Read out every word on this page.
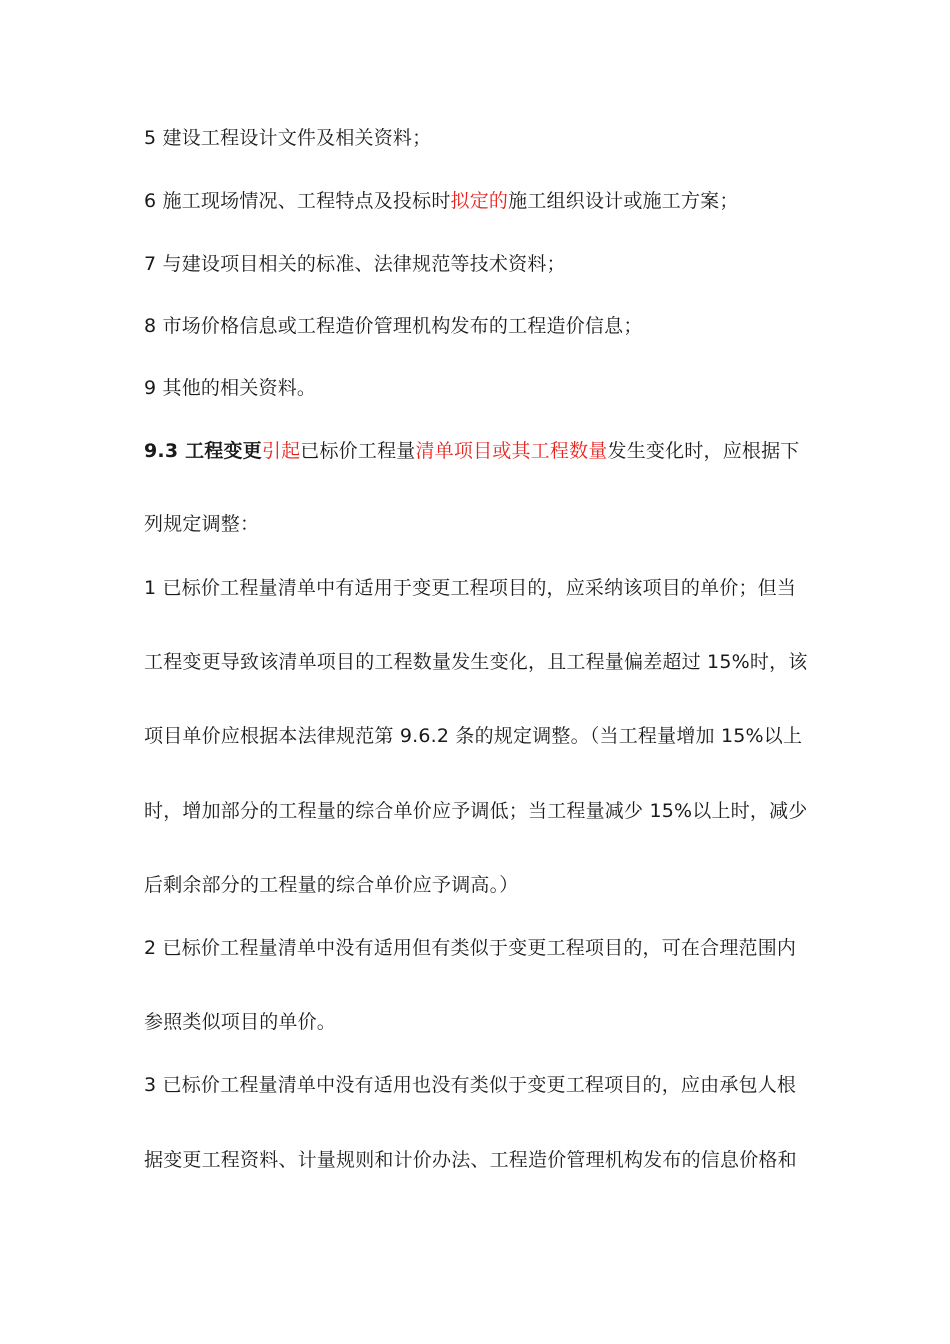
5 建设工程设计文件及相关资料；
6 施工现场情况、工程特点及投标时拟定的施工组织设计或施工方案；
7 与建设项目相关的标准、法律规范等技术资料；
8 市场价格信息或工程造价管理机构发布的工程造价信息；
9 其他的相关资料。
9.3 工程变更引起已标价工程量清单项目或其工程数量发生变化时，应根据下
列规定调整：
1 已标价工程量清单中有适用于变更工程项目的，应采纳该项目的单价；但当
工程变更导致该清单项目的工程数量发生变化，且工程量偏差超过 15%时，该
项目单价应根据本法律规范第 9.6.2 条的规定调整。（当工程量增加 15%以上
时，增加部分的工程量的综合单价应予调低；当工程量减少 15%以上时，减少
后剩余部分的工程量的综合单价应予调高。）
2 已标价工程量清单中没有适用但有类似于变更工程项目的，可在合理范围内
参照类似项目的单价。
3 已标价工程量清单中没有适用也没有类似于变更工程项目的，应由承包人根
据变更工程资料、计量规则和计价办法、工程造价管理机构发布的信息价格和
